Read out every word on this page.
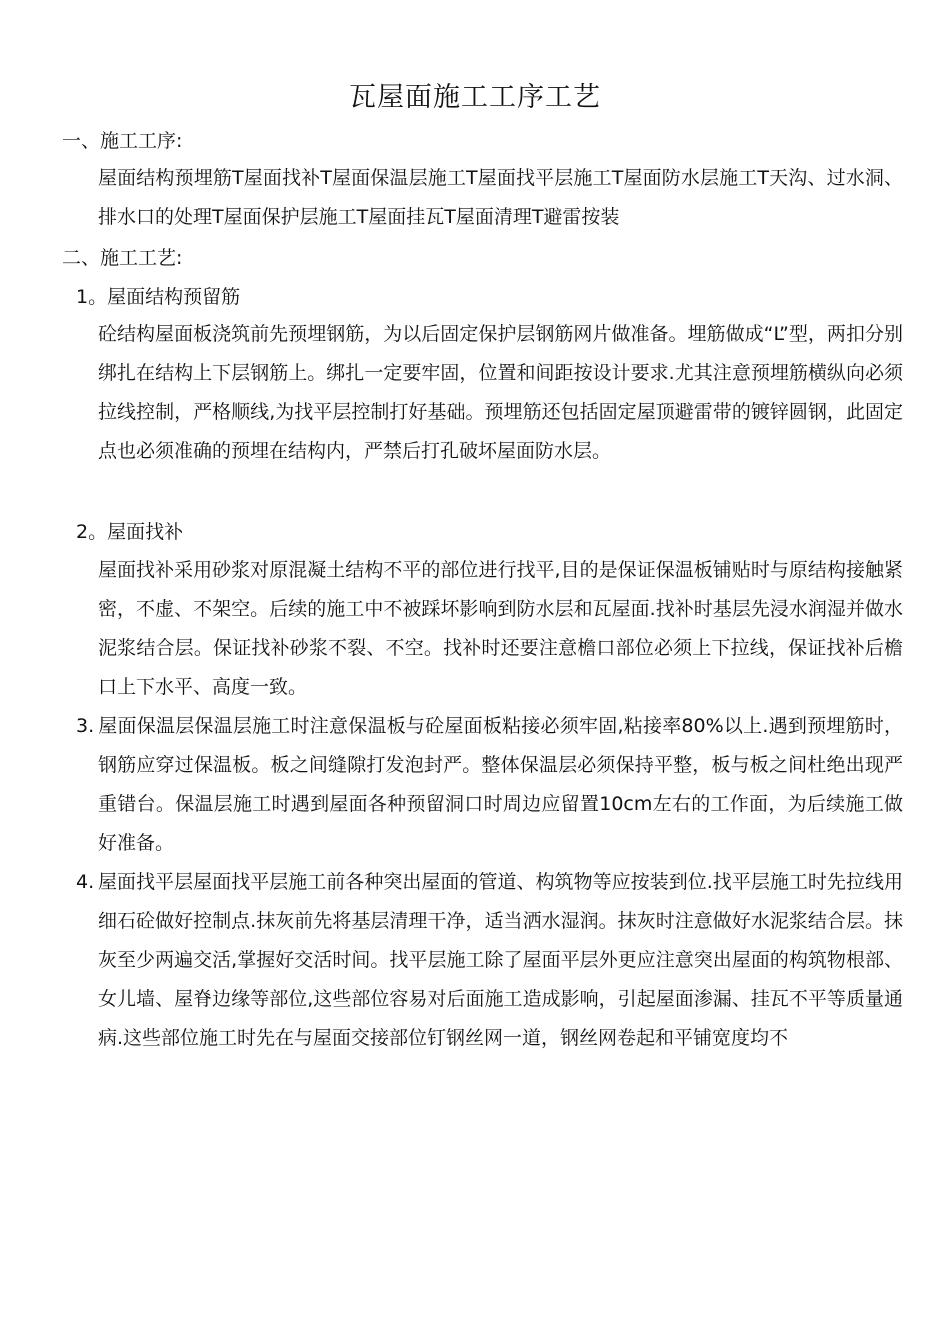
瓦屋面施工工序工艺
一、施工工序:

屋面结构预埋筋T屋面找补T屋面保温层施工T屋面找平层施工T屋面防水层施工T天沟、过水洞、排水口的处理T屋面保护层施工T屋面挂瓦T屋面清理T避雷按装

二、施工工艺:
1。屋面结构预留筋

砼结构屋面板浇筑前先预埋钢筋，为以后固定保护层钢筋网片做准备。埋筋做成“L”型，两扣分别绑扎在结构上下层钢筋上。绑扎一定要牢固，位置和间距按设计要求.尤其注意预埋筋横纵向必须拉线控制，严格顺线,为找平层控制打好基础。预埋筋还包括固定屋顶避雷带的镀锌圆钢，此固定点也必须准确的预埋在结构内，严禁后打孔破坏屋面防水层。

2。屋面找补

屋面找补采用砂浆对原混凝土结构不平的部位进行找平,目的是保证保温板铺贴时与原结构接触紧密，不虚、不架空。后续的施工中不被踩坏影响到防水层和瓦屋面.找补时基层先浸水润湿并做水泥浆结合层。保证找补砂浆不裂、不空。找补时还要注意檐口部位必须上下拉线，保证找补后檐口上下水平、高度一致。

3. 屋面保温层保温层施工时注意保温板与砼屋面板粘接必须牢固,粘接率80%以上.遇到预埋筋时，钢筋应穿过保温板。板之间缝隙打发泡封严。整体保温层必须保持平整，板与板之间杜绝出现严重错台。保温层施工时遇到屋面各种预留洞口时周边应留置10cm左右的工作面，为后续施工做好准备。

4. 屋面找平层屋面找平层施工前各种突出屋面的管道、构筑物等应按装到位.找平层施工时先拉线用细石砼做好控制点.抹灰前先将基层清理干净，适当洒水湿润。抹灰时注意做好水泥浆结合层。抹灰至少两遍交活,掌握好交活时间。找平层施工除了屋面平层外更应注意突出屋面的构筑物根部、女儿墙、屋脊边缘等部位,这些部位容易对后面施工造成影响，引起屋面渗漏、挂瓦不平等质量通病.这些部位施工时先在与屋面交接部位钉钢丝网一道，钢丝网卷起和平铺宽度均不
